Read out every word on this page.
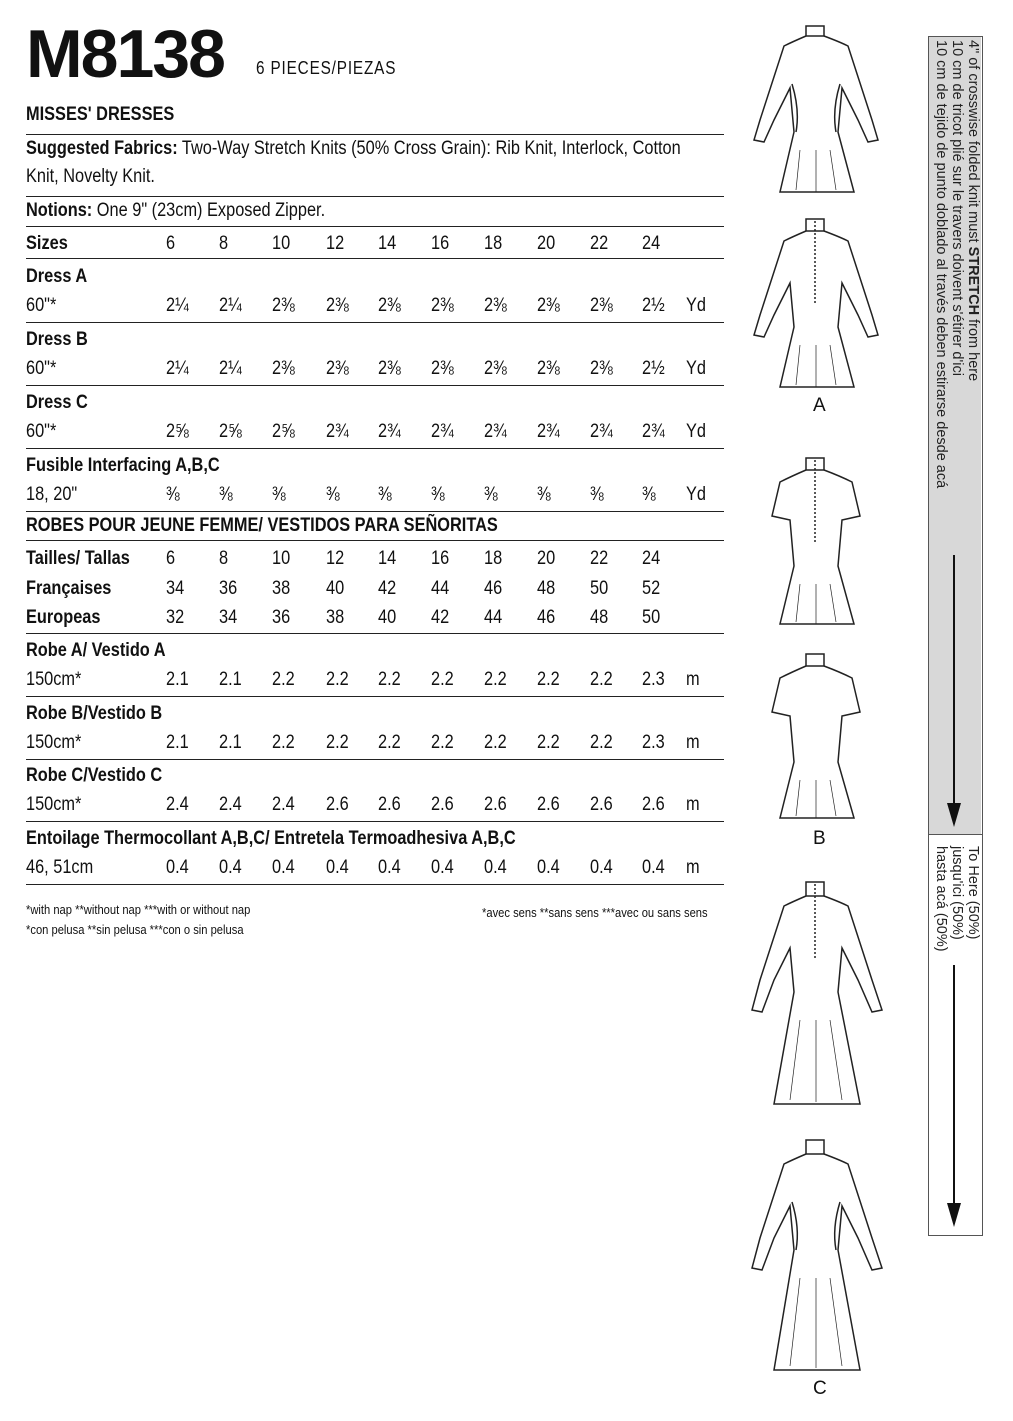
M8138 6 PIECES/PIEZAS
MISSES' DRESSES
Suggested Fabrics: Two-Way Stretch Knits (50% Cross Grain): Rib Knit, Interlock, Cotton
Knit, Novelty Knit.
Notions: One 9" (23cm) Exposed Zipper.
Sizes	6 8 10 12 14 16 18 20 22 24
Dress A
60"*	2¼ 2¼ 2⅜ 2⅜ 2⅜ 2⅜ 2⅜ 2⅜ 2⅜ 2½ Yd
Dress B
60"*	2¼ 2¼ 2⅜ 2⅜ 2⅜ 2⅜ 2⅜ 2⅜ 2⅜ 2½ Yd
Dress C
60"*	2⅝ 2⅝ 2⅝ 2¾ 2¾ 2¾ 2¾ 2¾ 2¾ 2¾ Yd
Fusible Interfacing A,B,C
18, 20"	⅜ ⅜ ⅜ ⅜ ⅜ ⅜ ⅜ ⅜ ⅜ ⅜ Yd
ROBES POUR JEUNE FEMME/ VESTIDOS PARA SEÑORITAS
Tailles/ Tallas 6 8 10 12 14 16 18 20 22 24
Françaises	34 36 38 40 42 44 46 48 50 52
Europeas	32 34 36 38 40 42 44 46 48 50
Robe A/ Vestido A
150cm*	2.1 2.1 2.2 2.2 2.2 2.2 2.2 2.2 2.2 2.3 m
Robe B/Vestido B
150cm*	2.1 2.1 2.2 2.2 2.2 2.2 2.2 2.2 2.2 2.3 m
Robe C/Vestido C
150cm*	2.4 2.4 2.4 2.6 2.6 2.6 2.6 2.6 2.6 2.6 m
Entoilage Thermocollant A,B,C/ Entretela Termoadhesiva A,B,C
46, 51cm	0.4 0.4 0.4 0.4 0.4 0.4 0.4 0.4 0.4 0.4 m
*with nap **without nap ***with or without nap
*con pelusa **sin pelusa ***con o sin pelusa
*avec sens **sans sens ***avec ou sans sens
A
B
C
4" of crosswise folded knit must STRETCH from here
10 cm de tricot plié sur le travers doivent s'étirer d'ici
10 cm de tejido de punto doblado al través deben estirarse desde acá
To Here (50%)
jusqu'ici (50%)
hasta acá (50%)
